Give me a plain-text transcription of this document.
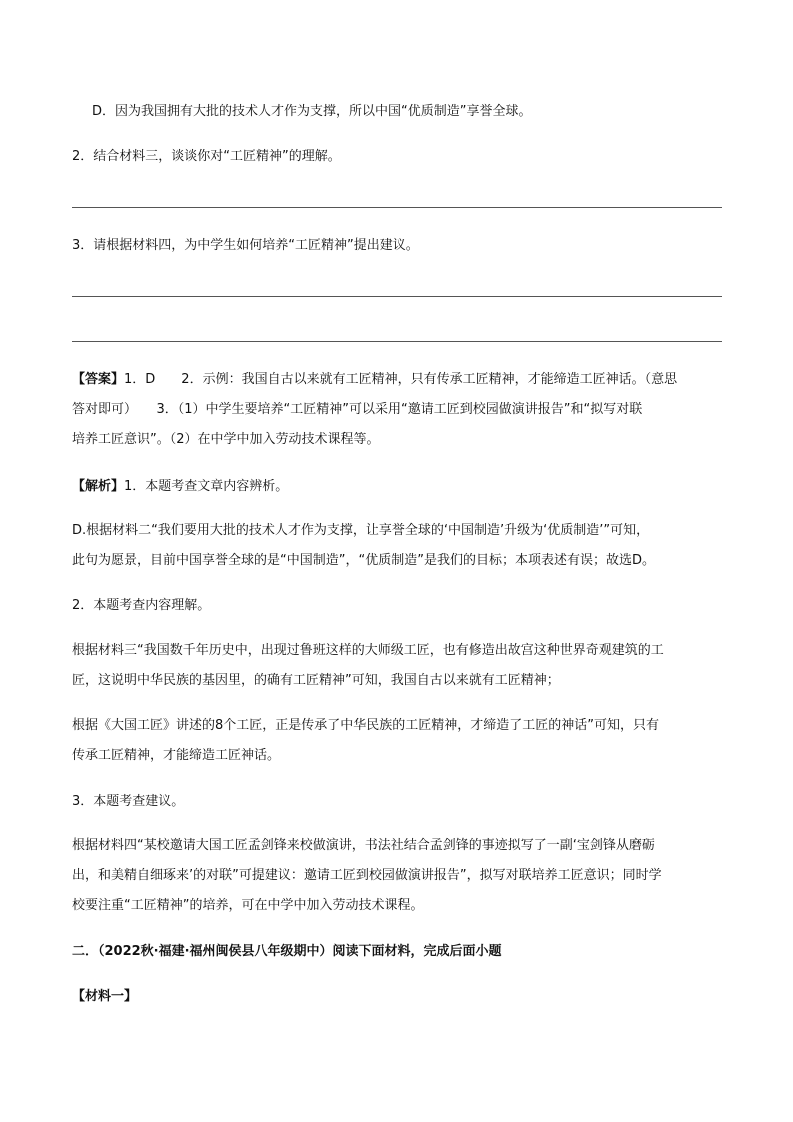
D．因为我国拥有大批的技术人才作为支撑，所以中国“优质制造”享誉全球。
2．结合材料三，谈谈你对“工匠精神”的理解。
3．请根据材料四，为中学生如何培养“工匠精神”提出建议。
【答案】1．D　　2．示例：我国自古以来就有工匠精神，只有传承工匠精神，才能缔造工匠神话。（意思
答对即可）　　3．（1）中学生要培养“工匠精神”可以采用“邀请工匠到校园做演讲报告”和“拟写对联
培养工匠意识”。（2）在中学中加入劳动技术课程等。
【解析】1．本题考查文章内容辨析。
D.根据材料二“我们要用大批的技术人才作为支撑，让享誉全球的‘中国制造’升级为‘优质制造’”可知，
此句为愿景，目前中国享誉全球的是“中国制造”，“优质制造”是我们的目标；本项表述有误；故选D。
2．本题考查内容理解。
根据材料三“我国数千年历史中，出现过鲁班这样的大师级工匠，也有修造出故宫这种世界奇观建筑的工
匠，这说明中华民族的基因里，的确有工匠精神”可知，我国自古以来就有工匠精神；
根据《大国工匠》讲述的8个工匠，正是传承了中华民族的工匠精神，才缔造了工匠的神话”可知，只有
传承工匠精神，才能缔造工匠神话。
3．本题考查建议。
根据材料四“某校邀请大国工匠孟剑锋来校做演讲，书法社结合孟剑锋的事迹拟写了一副‘宝剑锋从磨砺
出，和美精自细琢来’的对联”可提建议：邀请工匠到校园做演讲报告”，拟写对联培养工匠意识；同时学
校要注重“工匠精神”的培养，可在中学中加入劳动技术课程。
二．（2022秋·福建·福州闽侯县八年级期中）阅读下面材料，完成后面小题
【材料一】
